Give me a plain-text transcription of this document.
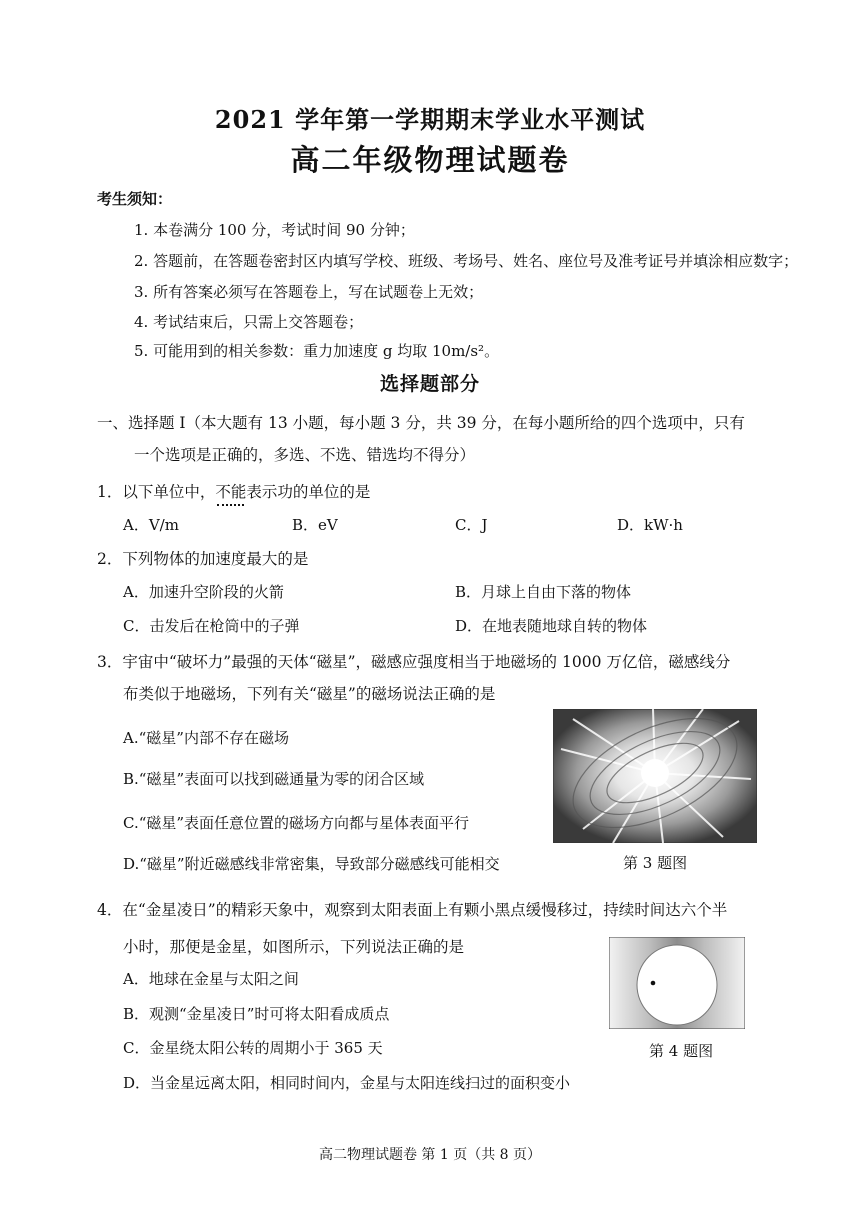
2021 学年第一学期期末学业水平测试
高二年级物理试题卷
考生须知：
1. 本卷满分 100 分，考试时间 90 分钟；
2. 答题前，在答题卷密封区内填写学校、班级、考场号、姓名、座位号及准考证号并填涂相应数字；
3. 所有答案必须写在答题卷上，写在试题卷上无效；
4. 考试结束后，只需上交答题卷；
5. 可能用到的相关参数：重力加速度 g 均取 10m/s²。
选择题部分
一、选择题 I（本大题有 13 小题，每小题 3 分，共 39 分，在每小题所给的四个选项中，只有
一个选项是正确的，多选、不选、错选均不得分）
1．以下单位中，不能表示功的单位的是
A．V/m	B．eV	C．J	D．kW·h
2．下列物体的加速度最大的是
A．加速升空阶段的火箭	B．月球上自由下落的物体
C．击发后在枪筒中的子弹	D．在地表随地球自转的物体
3．宇宙中“破坏力”最强的天体“磁星”，磁感应强度相当于地磁场的 1000 万亿倍，磁感线分
布类似于地磁场，下列有关“磁星”的磁场说法正确的是
A.“磁星”内部不存在磁场
B.“磁星”表面可以找到磁通量为零的闭合区域
C.“磁星”表面任意位置的磁场方向都与星体表面平行
D.“磁星”附近磁感线非常密集，导致部分磁感线可能相交	第 3 题图
4．在“金星凌日”的精彩天象中，观察到太阳表面上有颗小黑点缓慢移过，持续时间达六个半
小时，那便是金星，如图所示，下列说法正确的是
A．地球在金星与太阳之间
B．观测“金星凌日”时可将太阳看成质点
C．金星绕太阳公转的周期小于 365 天
D．当金星远离太阳，相同时间内，金星与太阳连线扫过的面积变小
第 4 题图
高二物理试题卷 第 1 页（共 8 页）
